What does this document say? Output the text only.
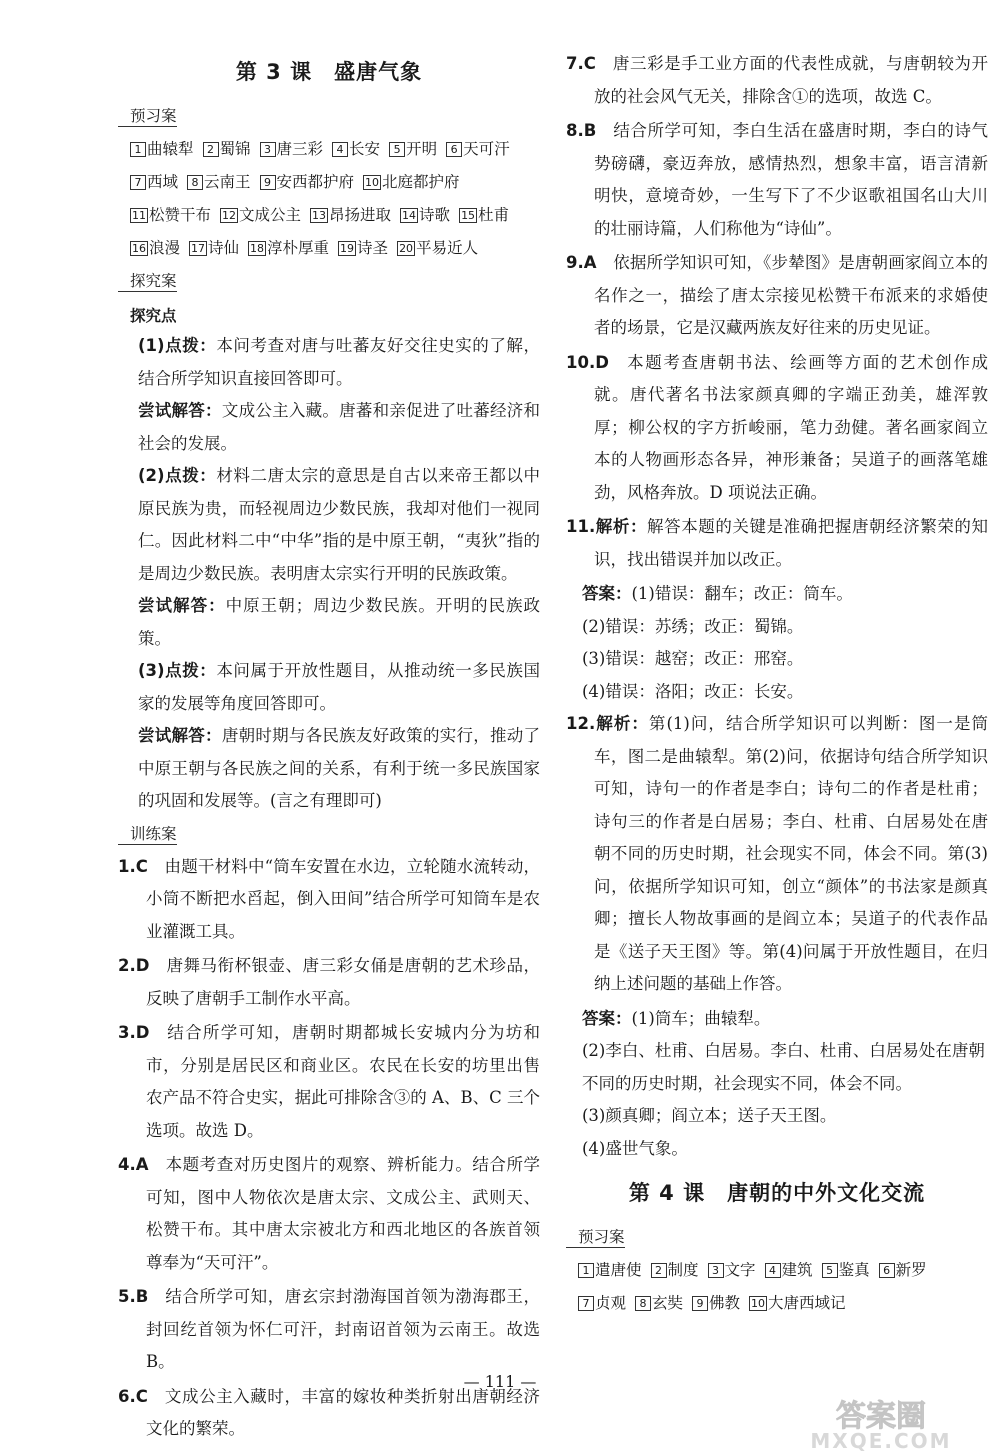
第 3 课　盛唐气象
预习案
1 曲辕犁 2 蜀锦 3 唐三彩 4 长安 5 开明 6 天可汗7 西域 8 云南王 9 安西都护府 10 北庭都护府11 松赞干布 12 文成公主 13 昂扬进取 14 诗歌 15 杜甫16 浪漫 17 诗仙 18 淳朴厚重 19 诗圣 20 平易近人
探究案
探究点
(1)点拨：本问考查对唐与吐蕃友好交往史实的了解，结合所学知识直接回答即可。
尝试解答：文成公主入藏。唐蕃和亲促进了吐蕃经济和社会的发展。
(2)点拨：材料二唐太宗的意思是自古以来帝王都以中原民族为贵，而轻视周边少数民族，我却对他们一视同仁。因此材料二中“中华”指的是中原王朝，“夷狄”指的是周边少数民族。表明唐太宗实行开明的民族政策。
尝试解答：中原王朝；周边少数民族。开明的民族政策。
(3)点拨：本问属于开放性题目，从推动统一多民族国家的发展等角度回答即可。
尝试解答：唐朝时期与各民族友好政策的实行，推动了中原王朝与各民族之间的关系，有利于统一多民族国家的巩固和发展等。(言之有理即可)
训练案
1.C  由题干材料中“筒车安置在水边，立轮随水流转动，小筒不断把水舀起，倒入田间”结合所学可知筒车是农业灌溉工具。
2.D  唐舞马衔杯银壶、唐三彩女俑是唐朝的艺术珍品，反映了唐朝手工制作水平高。
3.D  结合所学可知，唐朝时期都城长安城内分为坊和市，分别是居民区和商业区。农民在长安的坊里出售农产品不符合史实，据此可排除含③的 A、B、C 三个选项。故选 D。
4.A  本题考查对历史图片的观察、辨析能力。结合所学可知，图中人物依次是唐太宗、文成公主、武则天、松赞干布。其中唐太宗被北方和西北地区的各族首领尊奉为“天可汗”。
5.B  结合所学可知，唐玄宗封渤海国首领为渤海郡王，封回纥首领为怀仁可汗，封南诏首领为云南王。故选 B。
6.C  文成公主入藏时，丰富的嫁妆种类折射出唐朝经济文化的繁荣。
7.C  唐三彩是手工业方面的代表性成就，与唐朝较为开放的社会风气无关，排除含①的选项，故选 C。
8.B  结合所学可知，李白生活在盛唐时期，李白的诗气势磅礴，豪迈奔放，感情热烈，想象丰富，语言清新明快，意境奇妙，一生写下了不少讴歌祖国名山大川的壮丽诗篇，人们称他为“诗仙”。
9.A  依据所学知识可知，《步辇图》是唐朝画家阎立本的名作之一，描绘了唐太宗接见松赞干布派来的求婚使者的场景，它是汉藏两族友好往来的历史见证。
10.D  本题考查唐朝书法、绘画等方面的艺术创作成就。唐代著名书法家颜真卿的字端正劲美，雄浑敦厚；柳公权的字方折峻丽，笔力劲健。著名画家阎立本的人物画形态各异，神形兼备；吴道子的画落笔雄劲，风格奔放。D 项说法正确。
11.解析：解答本题的关键是准确把握唐朝经济繁荣的知识，找出错误并加以改正。
答案：(1)错误：翻车；改正：筒车。
(2)错误：苏绣；改正：蜀锦。
(3)错误：越窑；改正：邢窑。
(4)错误：洛阳；改正：长安。
12.解析：第(1)问，结合所学知识可以判断：图一是筒车，图二是曲辕犁。第(2)问，依据诗句结合所学知识可知，诗句一的作者是李白；诗句二的作者是杜甫；诗句三的作者是白居易；李白、杜甫、白居易处在唐朝不同的历史时期，社会现实不同，体会不同。第(3)问，依据所学知识可知，创立“颜体”的书法家是颜真卿；擅长人物故事画的是阎立本；吴道子的代表作品是《送子天王图》等。第(4)问属于开放性题目，在归纳上述问题的基础上作答。
答案：(1)筒车；曲辕犁。
(2)李白、杜甫、白居易。李白、杜甫、白居易处在唐朝不同的历史时期，社会现实不同，体会不同。
(3)颜真卿；阎立本；送子天王图。
(4)盛世气象。
第 4 课　唐朝的中外文化交流
预习案
1 遣唐使 2 制度 3 文字 4 建筑 5 鉴真 6 新罗7 贞观 8 玄奘 9 佛教 10 大唐西域记
— 111 —
答案圈
MXQE.COM
